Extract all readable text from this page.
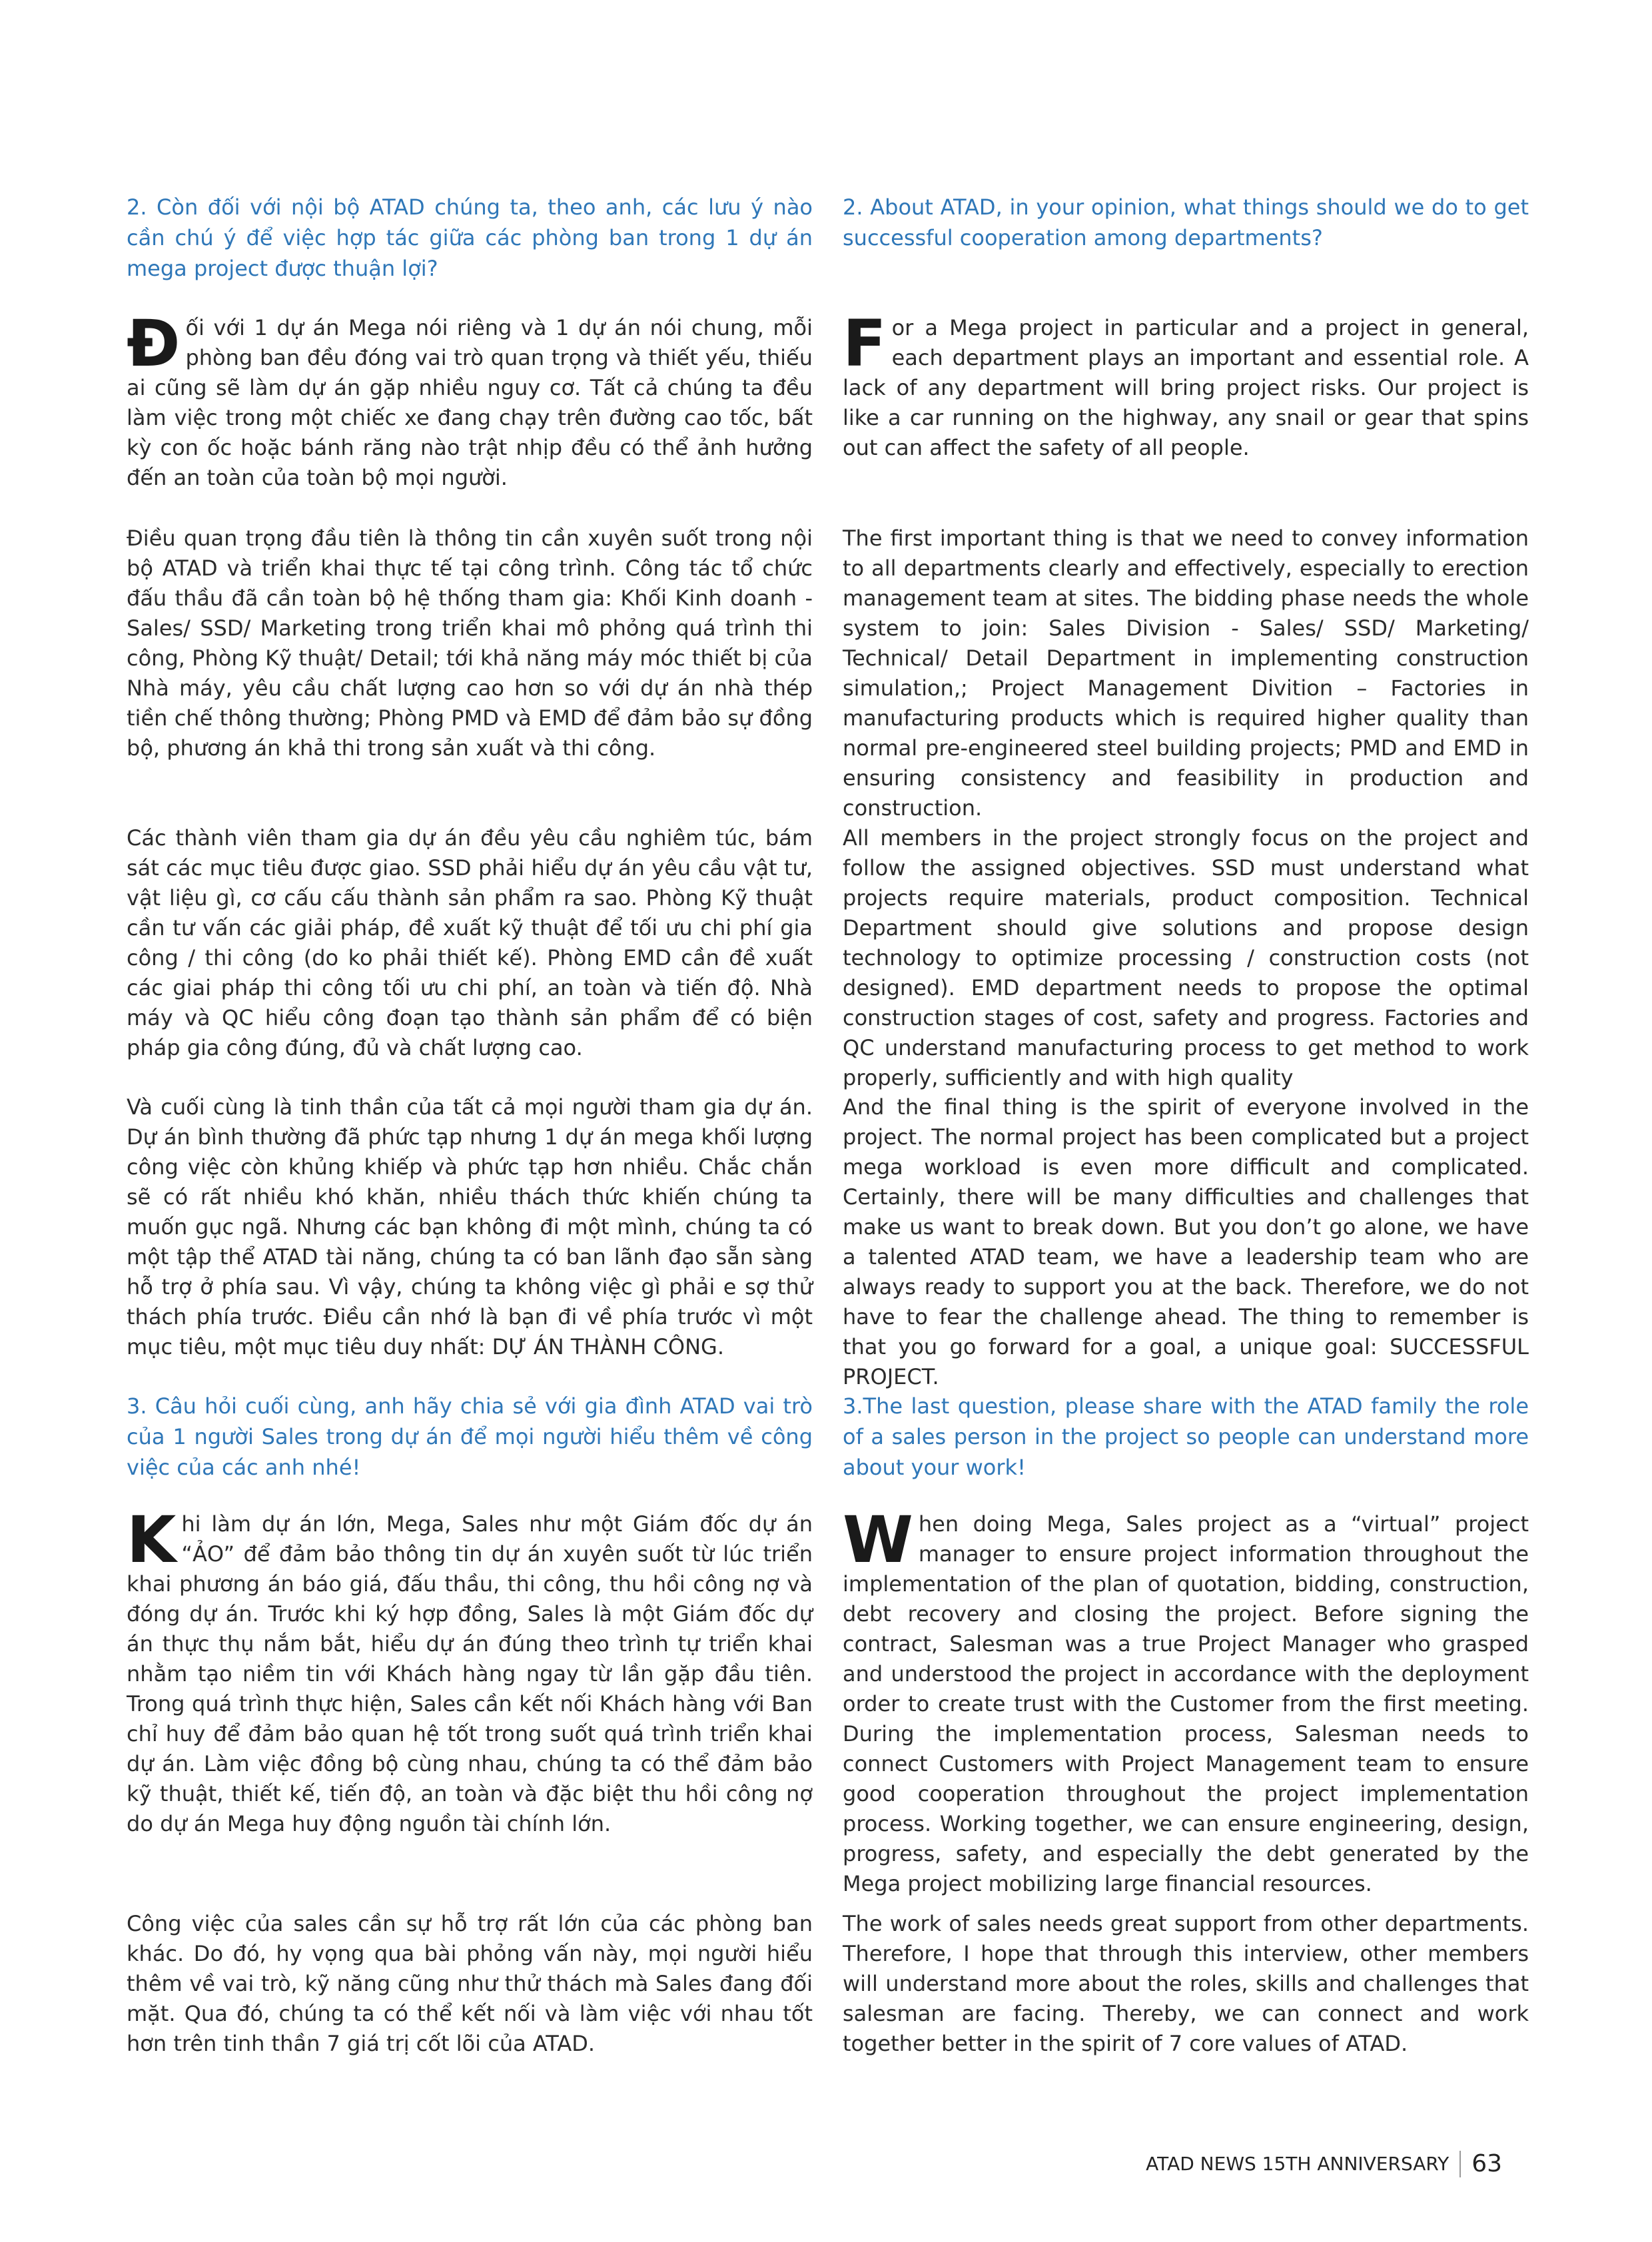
2. Còn đối với nội bộ ATAD chúng ta, theo anh, các lưu ý nào cần chú ý để việc hợp tác giữa các phòng ban trong 1 dự án mega project được thuận lợi?

Đối với 1 dự án Mega nói riêng và 1 dự án nói chung, mỗi phòng ban đều đóng vai trò quan trọng và thiết yếu, thiếu ai cũng sẽ làm dự án gặp nhiều nguy cơ. Tất cả chúng ta đều làm việc trong một chiếc xe đang chạy trên đường cao tốc, bất kỳ con ốc hoặc bánh răng nào trật nhịp đều có thể ảnh hưởng đến an toàn của toàn bộ mọi người.

Điều quan trọng đầu tiên là thông tin cần xuyên suốt trong nội bộ ATAD và triển khai thực tế tại công trình. Công tác tổ chức đấu thầu đã cần toàn bộ hệ thống tham gia: Khối Kinh doanh - Sales/ SSD/ Marketing trong triển khai mô phỏng quá trình thi công, Phòng Kỹ thuật/ Detail; tới khả năng máy móc thiết bị của Nhà máy, yêu cầu chất lượng cao hơn so với dự án nhà thép tiền chế thông thường; Phòng PMD và EMD để đảm bảo sự đồng bộ, phương án khả thi trong sản xuất và thi công.

Các thành viên tham gia dự án đều yêu cầu nghiêm túc, bám sát các mục tiêu được giao. SSD phải hiểu dự án yêu cầu vật tư, vật liệu gì, cơ cấu cấu thành sản phẩm ra sao. Phòng Kỹ thuật cần tư vấn các giải pháp, đề xuất kỹ thuật để tối ưu chi phí gia công / thi công (do ko phải thiết kế). Phòng EMD cần đề xuất các giai pháp thi công tối ưu chi phí, an toàn và tiến độ. Nhà máy và QC hiểu công đoạn tạo thành sản phẩm để có biện pháp gia công đúng, đủ và chất lượng cao.

Và cuối cùng là tinh thần của tất cả mọi người tham gia dự án. Dự án bình thường đã phức tạp nhưng 1 dự án mega khối lượng công việc còn khủng khiếp và phức tạp hơn nhiều. Chắc chắn sẽ có rất nhiều khó khăn, nhiều thách thức khiến chúng ta muốn gục ngã. Nhưng các bạn không đi một mình, chúng ta có một tập thể ATAD tài năng, chúng ta có ban lãnh đạo sẵn sàng hỗ trợ ở phía sau. Vì vậy, chúng ta không việc gì phải e sợ thử thách phía trước. Điều cần nhớ là bạn đi về phía trước vì một mục tiêu, một mục tiêu duy nhất: DỰ ÁN THÀNH CÔNG.

3. Câu hỏi cuối cùng, anh hãy chia sẻ với gia đình ATAD vai trò của 1 người Sales trong dự án để mọi người hiểu thêm về công việc của các anh nhé!

Khi làm dự án lớn, Mega, Sales như một Giám đốc dự án “ẢO” để đảm bảo thông tin dự án xuyên suốt từ lúc triển khai phương án báo giá, đấu thầu, thi công, thu hồi công nợ và đóng dự án. Trước khi ký hợp đồng, Sales là một Giám đốc dự án thực thụ nắm bắt, hiểu dự án đúng theo trình tự triển khai nhằm tạo niềm tin với Khách hàng ngay từ lần gặp đầu tiên. Trong quá trình thực hiện, Sales cần kết nối Khách hàng với Ban chỉ huy để đảm bảo quan hệ tốt trong suốt quá trình triển khai dự án. Làm việc đồng bộ cùng nhau, chúng ta có thể đảm bảo kỹ thuật, thiết kế, tiến độ, an toàn và đặc biệt thu hồi công nợ do dự án Mega huy động nguồn tài chính lớn.

Công việc của sales cần sự hỗ trợ rất lớn của các phòng ban khác. Do đó, hy vọng qua bài phỏng vấn này, mọi người hiểu thêm về vai trò, kỹ năng cũng như thử thách mà Sales đang đối mặt. Qua đó, chúng ta có thể kết nối và làm việc với nhau tốt hơn trên tinh thần 7 giá trị cốt lõi của ATAD.

2. About ATAD, in your opinion, what things should we do to get successful cooperation among departments?

For a Mega project in particular and a project in general, each department plays an important and essential role. A lack of any department will bring project risks. Our project is like a car running on the highway, any snail or gear that spins out can affect the safety of all people.

The first important thing is that we need to convey information to all departments clearly and effectively, especially to erection management team at sites. The bidding phase needs the whole system to join: Sales Division - Sales/ SSD/ Marketing/ Technical/ Detail Department in implementing construction simulation,; Project Management Divition – Factories in manufacturing products which is required higher quality than normal pre-engineered steel building projects; PMD and EMD in ensuring consistency and feasibility in production and construction.

All members in the project strongly focus on the project and follow the assigned objectives. SSD must understand what projects require materials, product composition. Technical Department should give solutions and propose design technology to optimize processing / construction costs (not designed). EMD department needs to propose the optimal construction stages of cost, safety and progress. Factories and QC understand manufacturing process to get method to work properly, sufficiently and with high quality

And the final thing is the spirit of everyone involved in the project. The normal project has been complicated but a project mega workload is even more difficult and complicated. Certainly, there will be many difficulties and challenges that make us want to break down. But you don’t go alone, we have a talented ATAD team, we have a leadership team who are always ready to support you at the back. Therefore, we do not have to fear the challenge ahead. The thing to remember is that you go forward for a goal, a unique goal: SUCCESSFUL PROJECT.

3.The last question, please share with the ATAD family the role of a sales person in the project so people can understand more about your work!

When doing Mega, Sales project as a “virtual” project manager to ensure project information throughout the implementation of the plan of quotation, bidding, construction, debt recovery and closing the project. Before signing the contract, Salesman was a true Project Manager who grasped and understood the project in accordance with the deployment order to create trust with the Customer from the first meeting. During the implementation process, Salesman needs to connect Customers with Project Management team to ensure good cooperation throughout the project implementation process. Working together, we can ensure engineering, design, progress, safety, and especially the debt generated by the Mega project mobilizing large financial resources.

The work of sales needs great support from other departments. Therefore, I hope that through this interview, other members will understand more about the roles, skills and challenges that salesman are facing. Thereby, we can connect and work together better in the spirit of 7 core values of ATAD.

ATAD NEWS 15TH ANNIVERSARY 63
